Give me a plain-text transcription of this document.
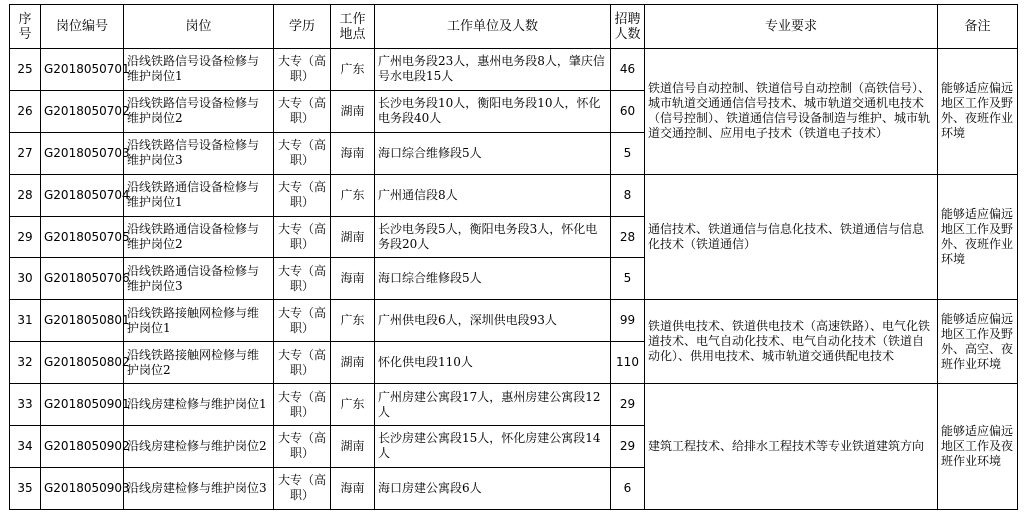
序号	岗位编号	岗位	学历	工作地点	工作单位及人数	招聘人数	专业要求	备注
25	G2018050701	沿线铁路信号设备检修与维护岗位1	大专（高职）	广东	广州电务段23人，惠州电务段8人，肇庆信号水电段15人	46	铁道信号自动控制、铁道信号自动控制（高铁信号）、城市轨道交通通信信号技术、城市轨道交通机电技术（信号控制）、铁道通信信号设备制造与维护、城市轨道交通控制、应用电子技术（铁道电子技术）	能够适应偏远地区工作及野外、夜班作业环境
26	G2018050702	沿线铁路信号设备检修与维护岗位2	大专（高职）	湖南	长沙电务段10人，衡阳电务段10人，怀化电务段40人	60		
27	G2018050703	沿线铁路信号设备检修与维护岗位3	大专（高职）	海南	海口综合维修段5人	5		
28	G2018050704	沿线铁路通信设备检修与维护岗位1	大专（高职）	广东	广州通信段8人	8	通信技术、铁道通信与信息化技术、铁道通信与信息化技术（铁道通信）	能够适应偏远地区工作及野外、夜班作业环境
29	G2018050705	沿线铁路通信设备检修与维护岗位2	大专（高职）	湖南	长沙电务段5人，衡阳电务段3人，怀化电务段20人	28		
30	G2018050706	沿线铁路通信设备检修与维护岗位3	大专（高职）	海南	海口综合维修段5人	5		
31	G2018050801	沿线铁路接触网检修与维护岗位1	大专（高职）	广东	广州供电段6人，深圳供电段93人	99	铁道供电技术、铁道供电技术（高速铁路）、电气化铁道技术、电气自动化技术、电气自动化技术（铁道自动化）、供用电技术、城市轨道交通供配电技术	能够适应偏远地区工作及野外、高空、夜班作业环境
32	G2018050802	沿线铁路接触网检修与维护岗位2	大专（高职）	湖南	怀化供电段110人	110		
33	G2018050901	沿线房建检修与维护岗位1	大专（高职）	广东	广州房建公寓段17人，惠州房建公寓段12人	29	建筑工程技术、给排水工程技术等专业铁道建筑方向	能够适应偏远地区工作及夜班作业环境
34	G2018050902	沿线房建检修与维护岗位2	大专（高职）	湖南	长沙房建公寓段15人，怀化房建公寓段14人	29		
35	G2018050903	沿线房建检修与维护岗位3	大专（高职）	海南	海口房建公寓段6人	6		
